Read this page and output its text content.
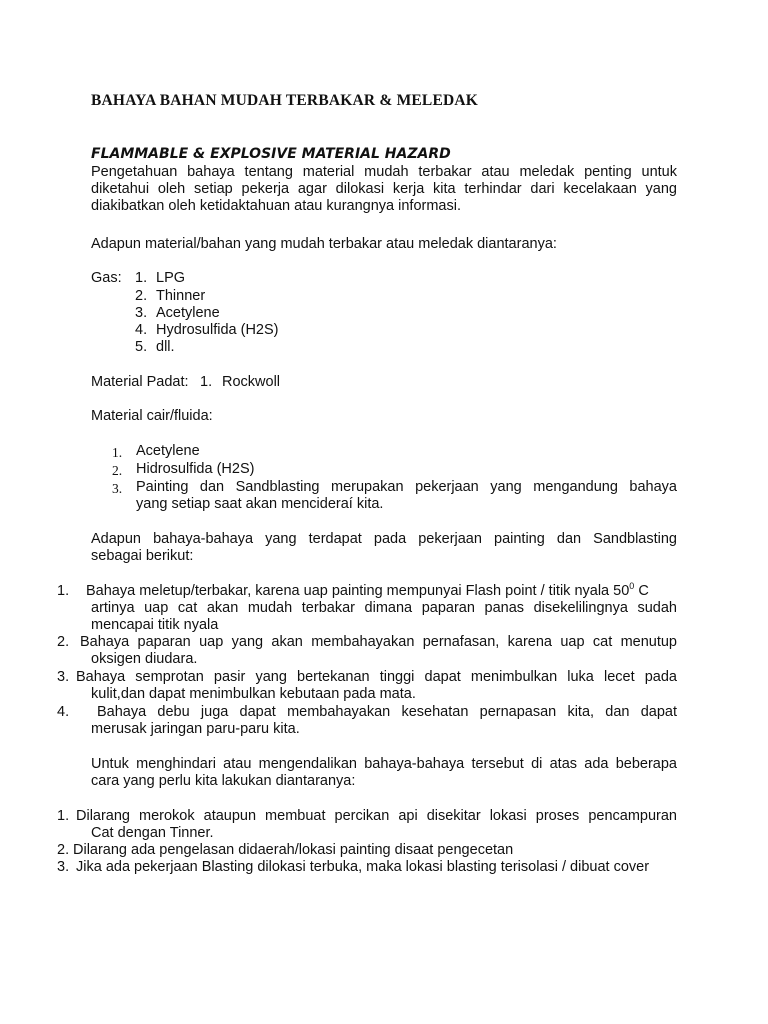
BAHAYA BAHAN MUDAH TERBAKAR & MELEDAK
FLAMMABLE & EXPLOSIVE MATERIAL HAZARD
Pengetahuan bahaya tentang material mudah terbakar atau meledak penting untuk
diketahui oleh setiap pekerja agar dilokasi kerja kita terhindar dari kecelakaan yang
diakibatkan oleh ketidaktahuan atau kurangnya informasi.
Adapun material/bahan yang mudah terbakar atau meledak diantaranya:
Gas: 1. LPG
2. Thinner
3. Acetylene
4. Hydrosulfida (H2S)
5. dll.
Material Padat: 1. Rockwoll
Material cair/fluida:
1. Acetylene
2. Hidrosulfida (H2S)
3. Painting dan Sandblasting merupakan pekerjaan yang mengandung bahaya
yang setiap saat akan mencideraí kita.
Adapun bahaya-bahaya yang terdapat pada pekerjaan painting dan Sandblasting
sebagai berikut:
1. Bahaya meletup/terbakar, karena uap painting mempunyai Flash point / titik nyala $50^0$ C
artinya uap cat akan mudah terbakar dimana paparan panas disekelilingnya sudah
mencapai titik nyala
2. Bahaya paparan uap yang akan membahayakan pernafasan, karena uap cat menutup
oksigen diudara.
3. Bahaya semprotan pasir yang bertekanan tinggi dapat menimbulkan luka lecet pada
kulit,dan dapat menimbulkan kebutaan pada mata.
4. Bahaya debu juga dapat membahayakan kesehatan pernapasan kita, dan dapat
merusak jaringan paru-paru kita.
Untuk menghindari atau mengendalikan bahaya-bahaya tersebut di atas ada beberapa
cara yang perlu kita lakukan diantaranya:
1. Dilarang merokok ataupun membuat percikan api disekitar lokasi proses pencampuran
Cat dengan Tinner.
2. Dilarang ada pengelasan didaerah/lokasi painting disaat pengecetan
3. Jika ada pekerjaan Blasting dilokasi terbuka, maka lokasi blasting terisolasi / dibuat cover
